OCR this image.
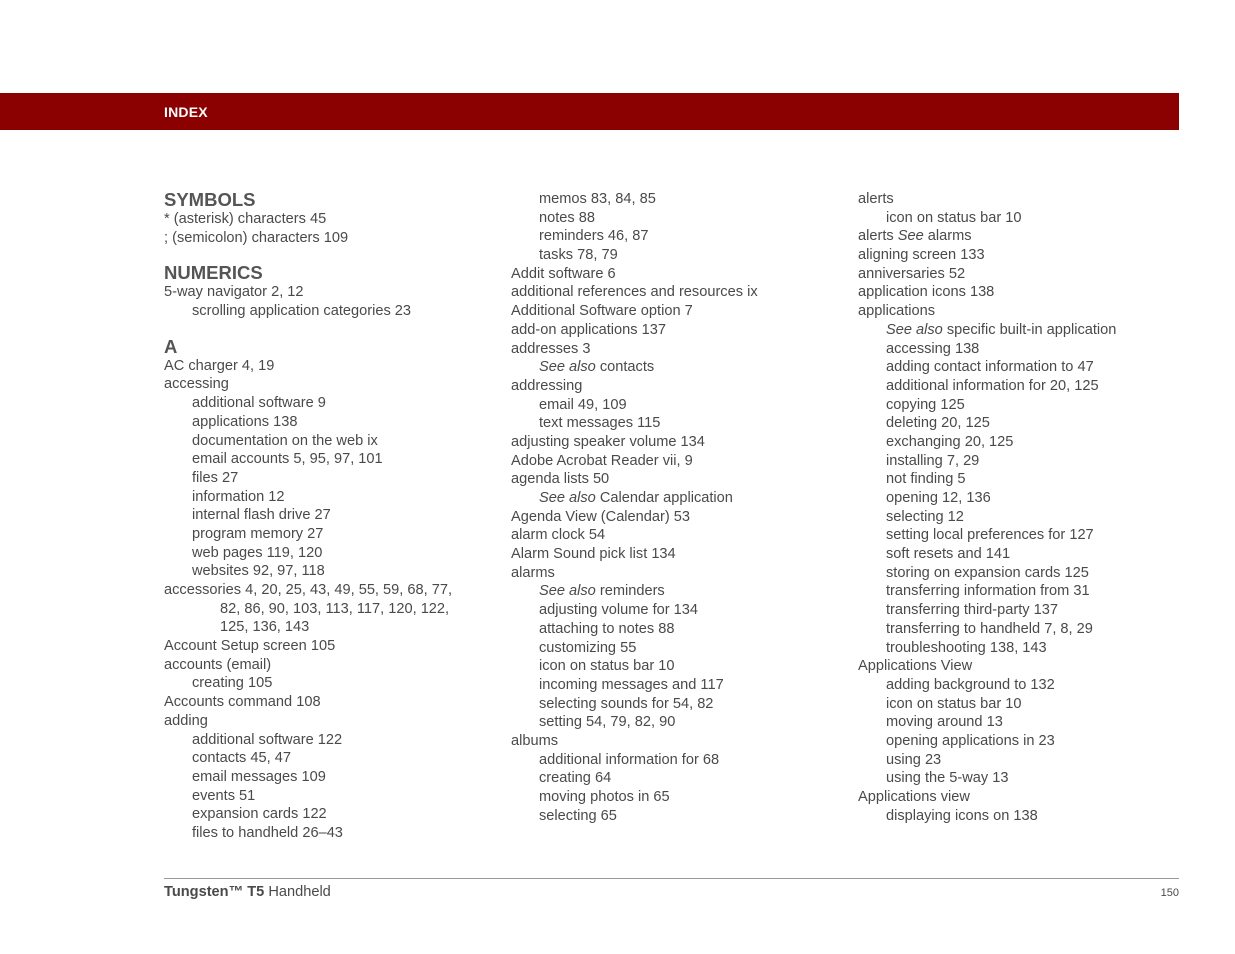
INDEX
SYMBOLS
* (asterisk) characters 45
; (semicolon) characters 109
NUMERICS
5-way navigator 2, 12
scrolling application categories 23
A
AC charger 4, 19
accessing
additional software 9
applications 138
documentation on the web ix
email accounts 5, 95, 97, 101
files 27
information 12
internal flash drive 27
program memory 27
web pages 119, 120
websites 92, 97, 118
accessories 4, 20, 25, 43, 49, 55, 59, 68, 77,
82, 86, 90, 103, 113, 117, 120, 122,
125, 136, 143
Account Setup screen 105
accounts (email)
creating 105
Accounts command 108
adding
additional software 122
contacts 45, 47
email messages 109
events 51
expansion cards 122
files to handheld 26–43
memos 83, 84, 85
notes 88
reminders 46, 87
tasks 78, 79
Addit software 6
additional references and resources ix
Additional Software option 7
add-on applications 137
addresses 3
See also contacts
addressing
email 49, 109
text messages 115
adjusting speaker volume 134
Adobe Acrobat Reader vii, 9
agenda lists 50
See also Calendar application
Agenda View (Calendar) 53
alarm clock 54
Alarm Sound pick list 134
alarms
See also reminders
adjusting volume for 134
attaching to notes 88
customizing 55
icon on status bar 10
incoming messages and 117
selecting sounds for 54, 82
setting 54, 79, 82, 90
albums
additional information for 68
creating 64
moving photos in 65
selecting 65
alerts
icon on status bar 10
alerts See alarms
aligning screen 133
anniversaries 52
application icons 138
applications
See also specific built-in application
accessing 138
adding contact information to 47
additional information for 20, 125
copying 125
deleting 20, 125
exchanging 20, 125
installing 7, 29
not finding 5
opening 12, 136
selecting 12
setting local preferences for 127
soft resets and 141
storing on expansion cards 125
transferring information from 31
transferring third-party 137
transferring to handheld 7, 8, 29
troubleshooting 138, 143
Applications View
adding background to 132
icon on status bar 10
moving around 13
opening applications in 23
using 23
using the 5-way 13
Applications view
displaying icons on 138
Tungsten™ T5 Handheld	150
